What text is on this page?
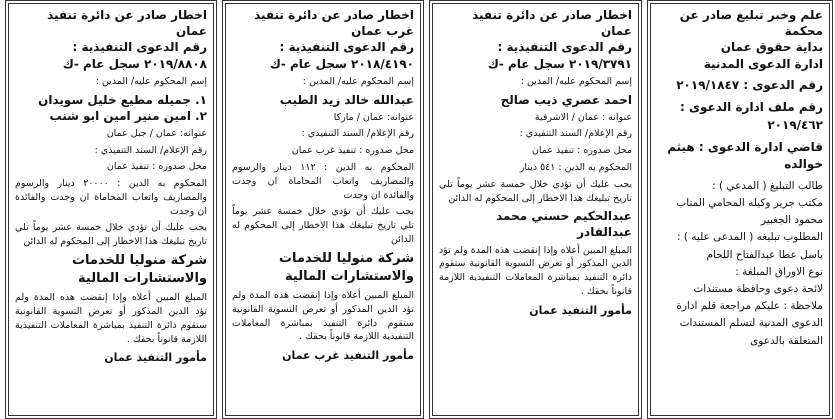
علم وخبر تبليغ صادر عن محكمة
بداية حقوق عمان
ادارة الدعوى المدنية
رقم الدعوى : ٢٠١٩/١٨٤٧
رقم ملف ادارة الدعوى : ٢٠١٩/٤٦٢
قاضي ادارة الدعوى : هيثم خوالده
طالب التبليغ ( المدعي ) :
مكتب جرير وكيله المحامي المناب
محمود الجغبير
المطلوب تبليغه ( المدعى عليه ) :
باسل عطا عبدالفتاح اللحام
نوع الاوراق المبلغة :
لائحة دعوى وحافظة مستندات
ملاحظة : عليكم مراجعة قلم ادارة
الدعوى المدنية لتسلم المستندات
المتعلقة بالدعوى
اخطار صادر عن دائرة تنفيذ عمان
رقم الدعوى التنفيذية :
٢٠١٩/٣٧٩١ سجل عام -ك
إسم المحكوم عليه/ المدين :
احمد عصري ذيب صالح
عنوانه : عمان / الاشرفية
رقم الإعلام/ السند التنفيذي :
محل صدوره : تنفيذ عمان
المحكوم به الدين : ٥٤١ دينار
يجب عليك أن تؤدي خلال خمسة عشر يوماً تلي تاريخ تبليغك هذا الاخطار إلى المحكوم له الدائن
عبدالحكيم حسني محمد عبدالقادر
المبلغ المبين أعلاه وإذا إنقضت هذه المدة ولم تؤد الدين المذكور أو تعرض التسوية القانونية ستقوم دائرة التنفيذ بمباشرة المعاملات التنفيذية اللازمة قانوناً بحقك .
مأمور التنفيذ عمان
اخطار صادر عن دائرة تنفيذ
غرب عمان
رقم الدعوى التنفيذية :
٢٠١٨/٤١٩٠ سجل عام -ك
إسم المحكوم عليه/ المدين :
عبدالله خالد زيد الطيب
عنوانه: عمان / ماركا
رقم الإعلام/ السند التنفيذي :
محل صدوره : تنفيذ غرب عمان
المحكوم به الدين : ١١٢ دينار والرسوم والمصاريف واتعاب المحاماة ان وجدت والفائدة ان وجدت
يجب عليك أن تؤدي خلال خمسة عشر يوماً تلي تاريخ تبليغك هذا الاخطار إلى المحكوم له الدائن
شركة منوليا للخدمات والاستشارات المالية
المبلغ المبين أعلاه وإذا إنقضت هذه المدة ولم تؤد الدين المذكور أو تعرض التسوية القانونية ستقوم دائرة التنفيذ بمباشرة المعاملات التنفيذية اللازمة قانوناً بحقك .
مأمور التنفيذ غرب عمان
اخطار صادر عن دائرة تنفيذ عمان
رقم الدعوى التنفيذية :
٢٠١٩/٨٨٠٨ سجل عام -ك
إسم المحكوم عليه/ المدين :
١. جميله مطيع خليل سويدان
٢. امين منير امين ابو شنب
عنوانه: عمان / جبل عمان
رقم الإعلام/ السند التنفيذي :
محل صدوره : تنفيذ عمان
المحكوم به الدين : ٢٠٠٠٠ دينار والرسوم والمصاريف واتعاب المحاماة ان وجدت والفائدة ان وجدت
يجب عليك أن تؤدي خلال خمسة عشر يوماً تلي تاريخ تبليغك هذا الاخطار إلى المحكوم له الدائن
شركة منوليا للخدمات والاستشارات المالية
المبلغ المبين أعلاه وإذا إنقضت هذه المدة ولم تؤد الدين المذكور أو تعرض التسوية القانونية ستقوم دائرة التنفيذ بمباشرة المعاملات التنفيذية اللازمة قانوناً بحقك .
مأمور التنفيذ عمان
